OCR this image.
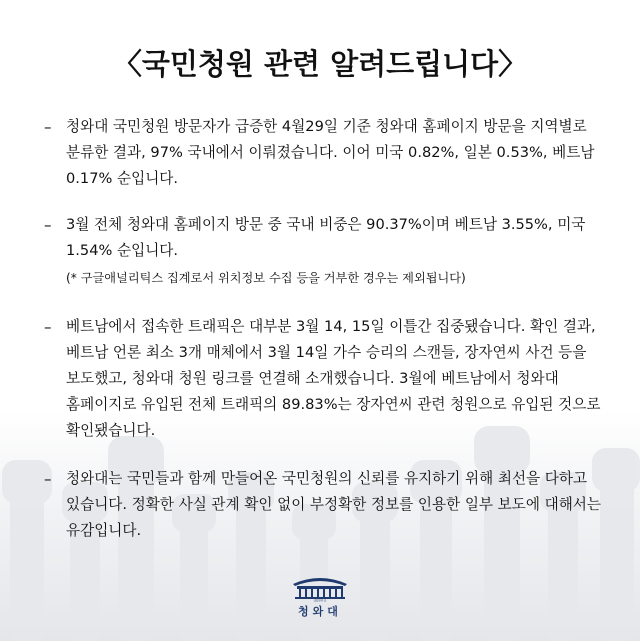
〈국민청원 관련 알려드립니다〉
– 청와대 국민청원 방문자가 급증한 4월29일 기준 청와대 홈페이지 방문을 지역별로 분류한 결과, 97% 국내에서 이뤄졌습니다. 이어 미국 0.82%, 일본 0.53%, 베트남 0.17% 순입니다.
– 3월 전체 청와대 홈페이지 방문 중 국내 비중은 90.37%이며 베트남 3.55%, 미국 1.54% 순입니다.
(* 구글애널리틱스 집계로서 위치정보 수집 등을 거부한 경우는 제외됩니다)
– 베트남에서 접속한 트래픽은 대부분 3월 14, 15일 이틀간 집중됐습니다. 확인 결과, 베트남 언론 최소 3개 매체에서 3월 14일 가수 승리의 스캔들, 장자연씨 사건 등을 보도했고, 청와대 청원 링크를 연결해 소개했습니다. 3월에 베트남에서 청와대 홈페이지로 유입된 전체 트래픽의 89.83%는 장자연씨 관련 청원으로 유입된 것으로 확인됐습니다.
– 청와대는 국민들과 함께 만들어온 국민청원의 신뢰를 유지하기 위해 최선을 다하고 있습니다. 정확한 사실 관계 확인 없이 부정확한 정보를 인용한 일부 보도에 대해서는 유감입니다.
대한민국
청와대
